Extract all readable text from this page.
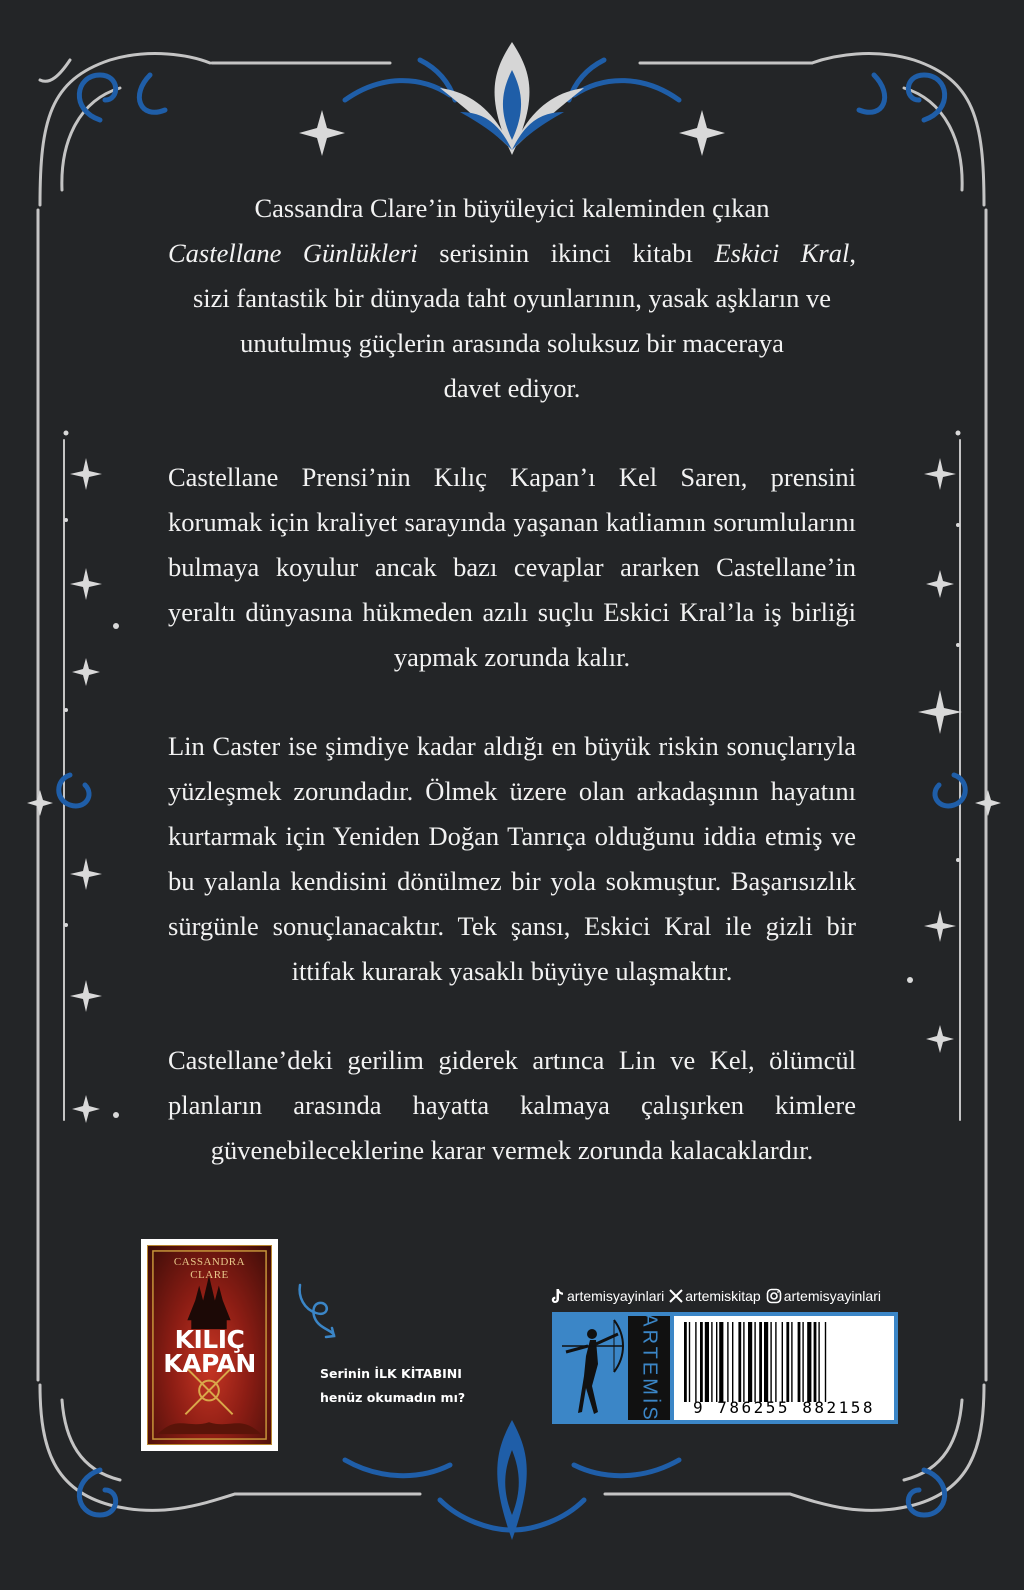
Cassandra Clare’in büyüleyici kaleminden çıkan
Castellane Günlükleri serisinin ikinci kitabı Eskici Kral,
sizi fantastik bir dünyada taht oyunlarının, yasak aşkların ve
unutulmuş güçlerin arasında soluksuz bir maceraya
davet ediyor.

Castellane Prensi’nin Kılıç Kapan’ı Kel Saren, prensini korumak için kraliyet sarayında yaşanan katliamın sorumlularını bulmaya koyulur ancak bazı cevaplar ararken Castellane’in yeraltı dünyasına hükmeden azılı suçlu Eskici Kral’la iş birliği yapmak zorunda kalır.

Lin Caster ise şimdiye kadar aldığı en büyük riskin sonuçlarıyla yüzleşmek zorundadır. Ölmek üzere olan arkadaşının hayatını kurtarmak için Yeniden Doğan Tanrıça olduğunu iddia etmiş ve bu yalanla kendisini dönülmez bir yola sokmuştur. Başarısızlık sürgünle sonuçlanacaktır. Tek şansı, Eskici Kral ile gizli bir ittifak kurarak yasaklı büyüye ulaşmaktır.

Castellane’deki gerilim giderek artınca Lin ve Kel, ölümcül planların arasında hayatta kalmaya çalışırken kimlere güvenebileceklerine karar vermek zorunda kalacaklardır.

CASSANDRA
CLARE
KILIÇ
KAPAN	Serinin İLK KİTABINI
henüz okumadın mı?
artemisyayinlari artemiskitap artemisyayinlari
ARTEMİS	9 786255 882158
